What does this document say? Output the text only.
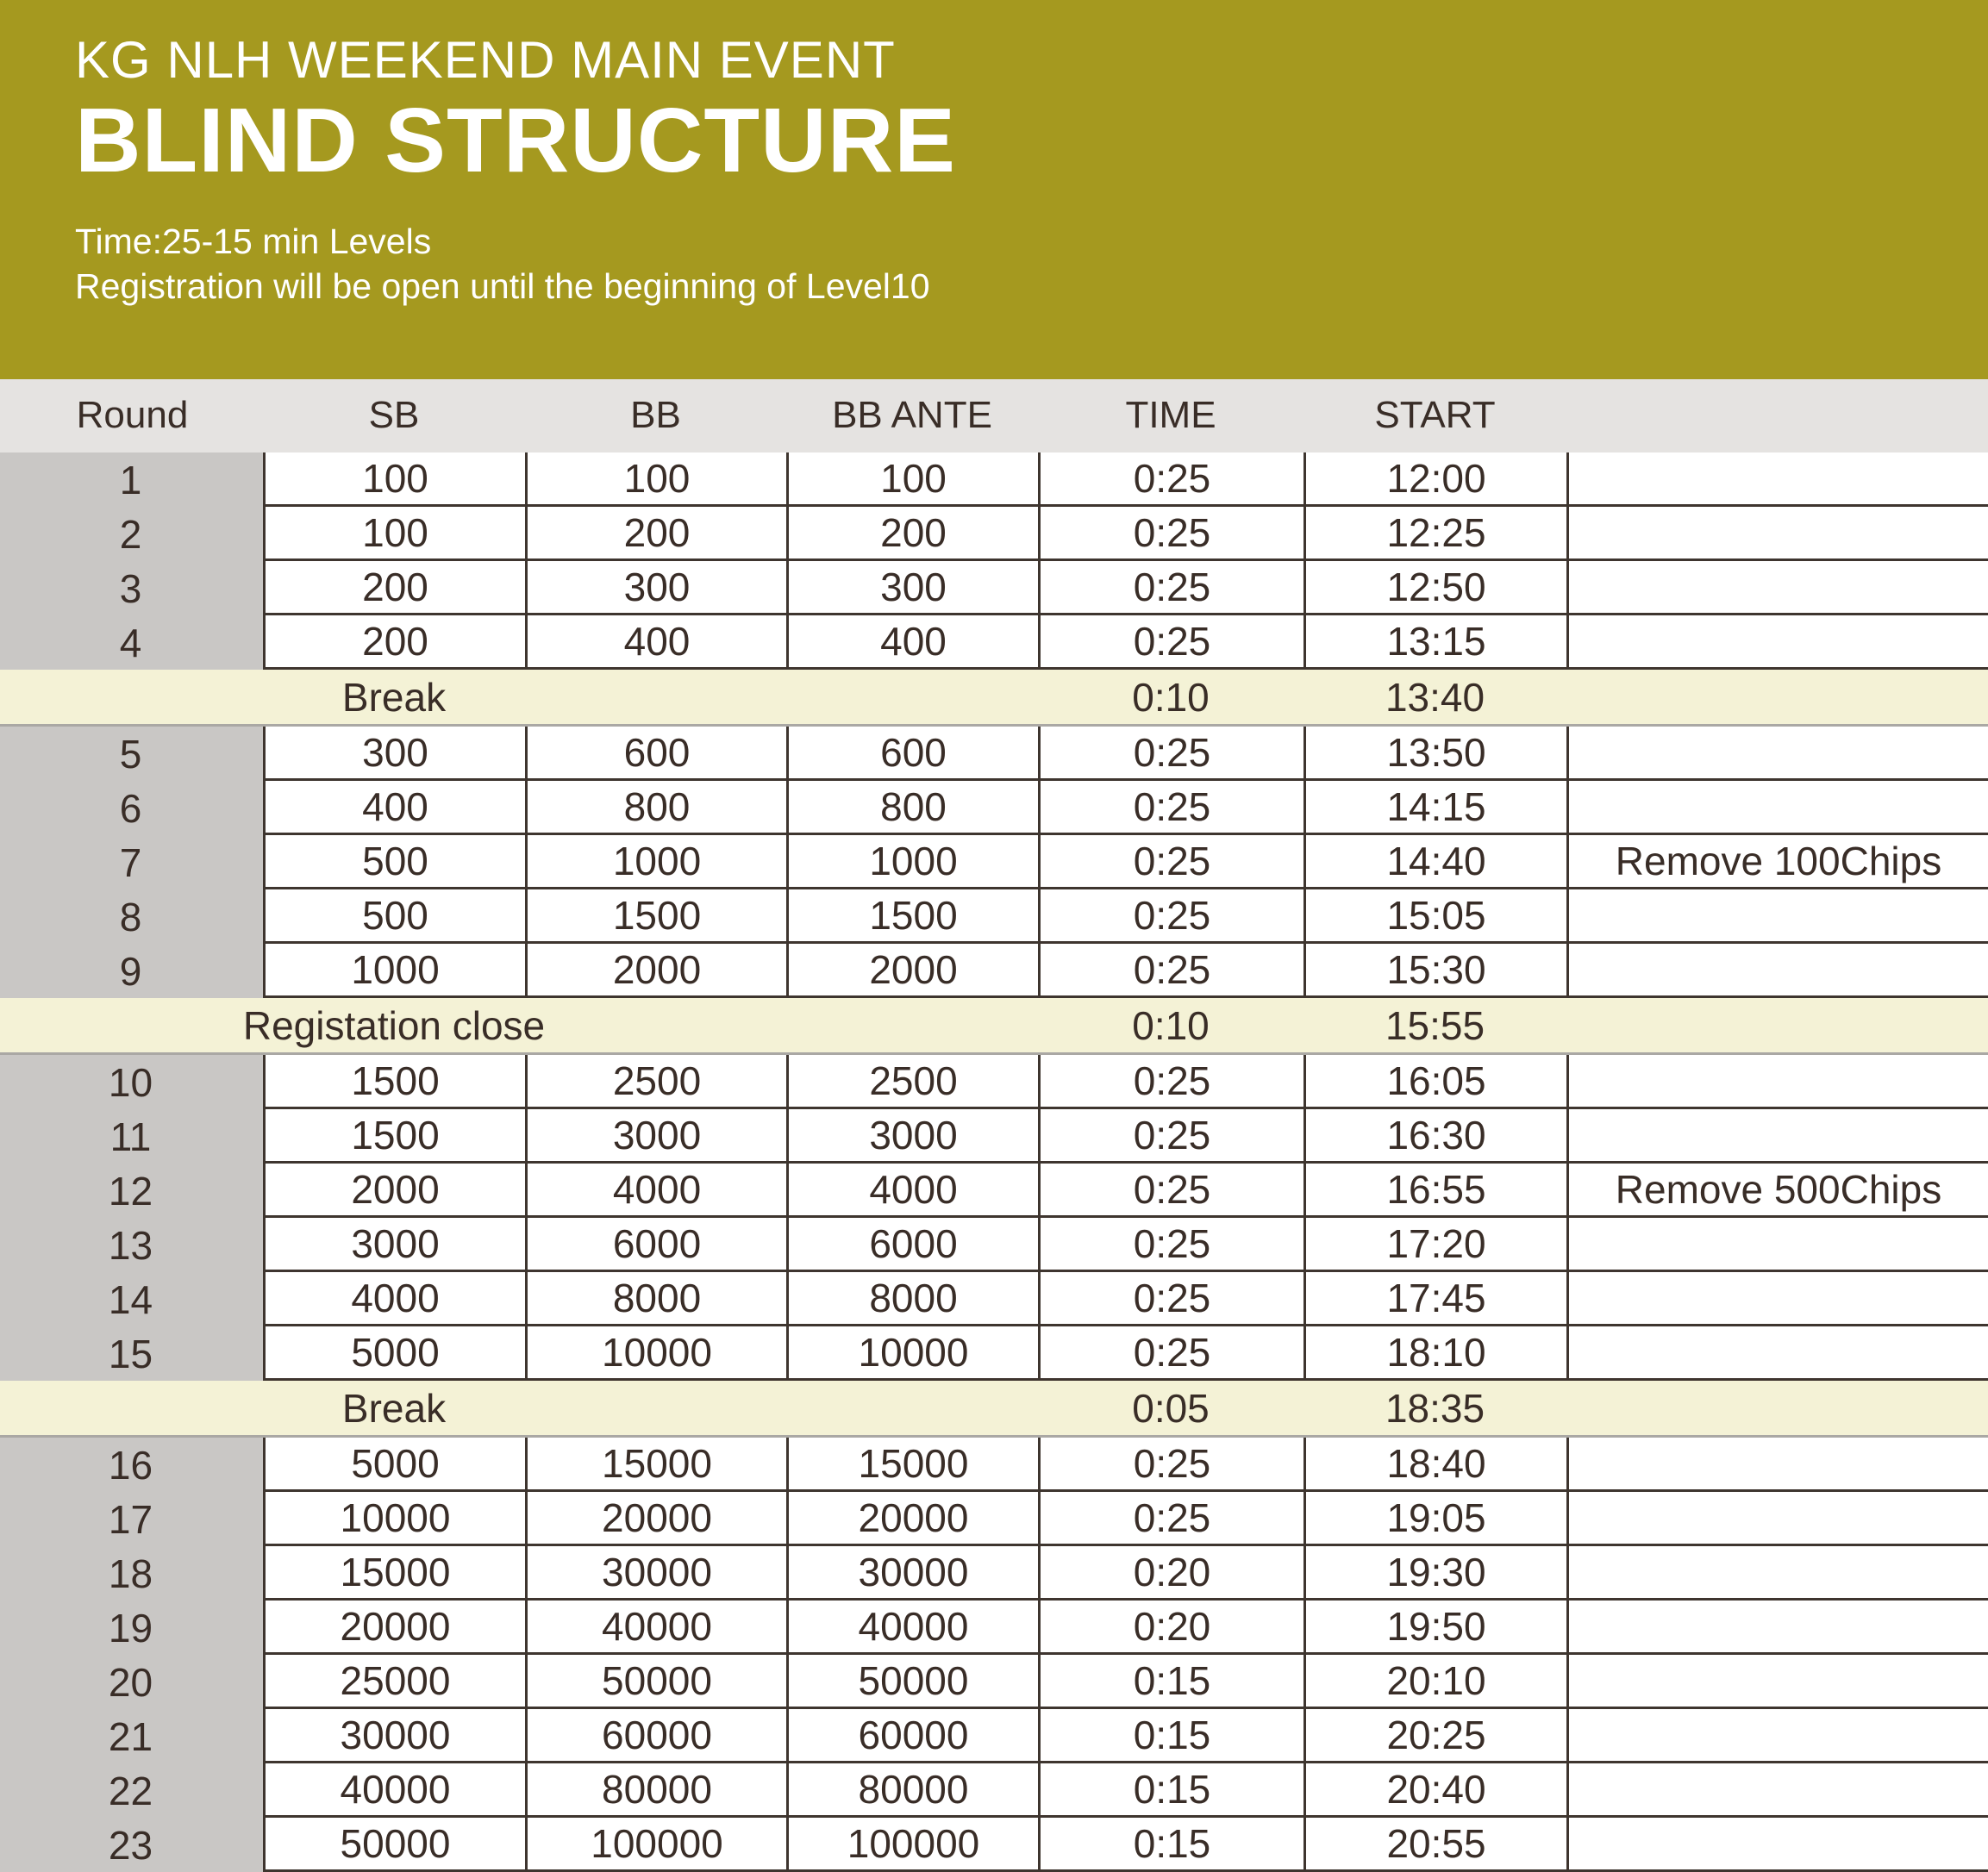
KG NLH WEEKEND MAIN EVENT
BLIND STRUCTURE
Time:25-15 min Levels
Registration will be open until the beginning of Level10
Round	SB	BB	BB ANTE	TIME	START
1	100	100	100	0:25	12:00
2	100	200	200	0:25	12:25
3	200	300	300	0:25	12:50
4	200	400	400	0:25	13:15
Break	0:10	13:40
5	300	600	600	0:25	13:50
6	400	800	800	0:25	14:15
7	500	1000	1000	0:25	14:40	Remove 100Chips
8	500	1500	1500	0:25	15:05
9	1000	2000	2000	0:25	15:30
Registation close	0:10	15:55
10	1500	2500	2500	0:25	16:05
11	1500	3000	3000	0:25	16:30
12	2000	4000	4000	0:25	16:55	Remove 500Chips
13	3000	6000	6000	0:25	17:20
14	4000	8000	8000	0:25	17:45
15	5000	10000	10000	0:25	18:10
Break	0:05	18:35
16	5000	15000	15000	0:25	18:40
17	10000	20000	20000	0:25	19:05
18	15000	30000	30000	0:20	19:30
19	20000	40000	40000	0:20	19:50
20	25000	50000	50000	0:15	20:10
21	30000	60000	60000	0:15	20:25
22	40000	80000	80000	0:15	20:40
23	50000	100000	100000	0:15	20:55
